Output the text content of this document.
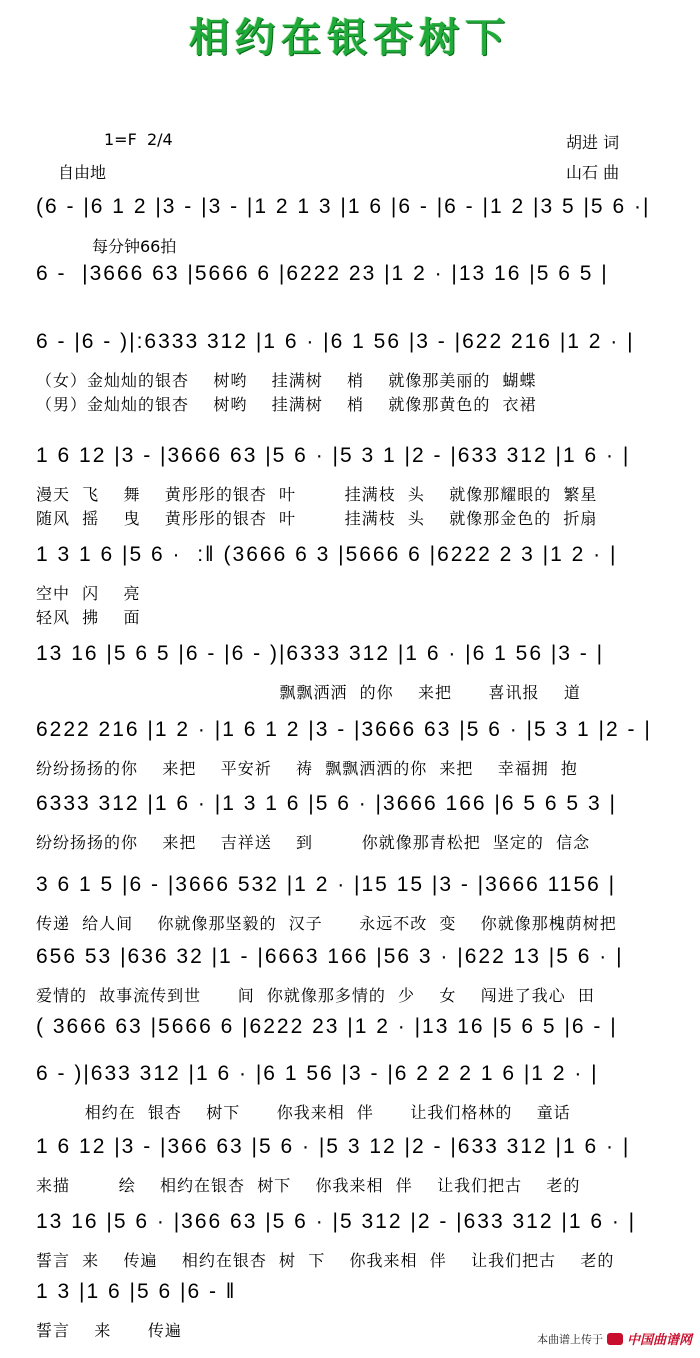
相约在银杏树下
1=F  2/4
自由地
胡进 词
山石 曲
每分钟66拍
(6 - |6 1 2 |3 - |3 - |1 2 1 3 |1 6 |6 - |6 - |1 2 |3 5 |5 6 ·|
6 -  |3666 63 |5666 6 |6222 23 |1 2 · |13 16 |5 6 5 |
6 - |6 - )|:6333 312 |1 6 · |6 1 56 |3 - |622 216 |1 2 · |
（女）金灿灿的银杏    树哟    挂满树    梢    就像那美丽的  蝴蝶
（男）金灿灿的银杏    树哟    挂满树    梢    就像那黄色的  衣裙
1 6 12 |3 - |3666 63 |5 6 · |5 3 1 |2 - |633 312 |1 6 · |
漫天  飞    舞    黄彤彤的银杏  叶        挂满枝  头    就像那耀眼的  繁星
随风  摇    曳    黄彤彤的银杏  叶        挂满枝  头    就像那金色的  折扇
1 3 1 6 |5 6 ·  :‖ (3666 6 3 |5666 6 |6222 2 3 |1 2 · |
空中  闪    亮
轻风  拂    面
13 16 |5 6 5 |6 - |6 - )|6333 312 |1 6 · |6 1 56 |3 - |
飘飘洒洒  的你    来把      喜讯报    道
6222 216 |1 2 · |1 6 1 2 |3 - |3666 63 |5 6 · |5 3 1 |2 - |
纷纷扬扬的你    来把    平安祈    祷  飘飘洒洒的你  来把    幸福拥  抱
6333 312 |1 6 · |1 3 1 6 |5 6 · |3666 166 |6 5 6 5 3 |
纷纷扬扬的你    来把    吉祥送    到        你就像那青松把  坚定的  信念
3 6 1 5 |6 - |3666 532 |1 2 · |15 15 |3 - |3666 1156 |
传递  给人间    你就像那坚毅的  汉子      永远不改  变    你就像那槐荫树把
656 53 |636 32 |1 - |6663 166 |56 3 · |622 13 |5 6 · |
爱情的  故事流传到世      间  你就像那多情的  少    女    闯进了我心  田
( 3666 63 |5666 6 |6222 23 |1 2 · |13 16 |5 6 5 |6 - |
6 - )|633 312 |1 6 · |6 1 56 |3 - |6 2 2 2 1 6 |1 2 · |
相约在  银杏    树下      你我来相  伴      让我们格林的    童话
1 6 12 |3 - |366 63 |5 6 · |5 3 12 |2 - |633 312 |1 6 · |
来描        绘    相约在银杏  树下    你我来相  伴    让我们把古    老的
13 16 |5 6 · |366 63 |5 6 · |5 312 |2 - |633 312 |1 6 · |
誓言  来    传遍    相约在银杏  树  下    你我来相  伴    让我们把古    老的
1 3 |1 6 |5 6 |6 - ‖
誓言    来      传遍	本曲谱上传于 中国曲谱网
